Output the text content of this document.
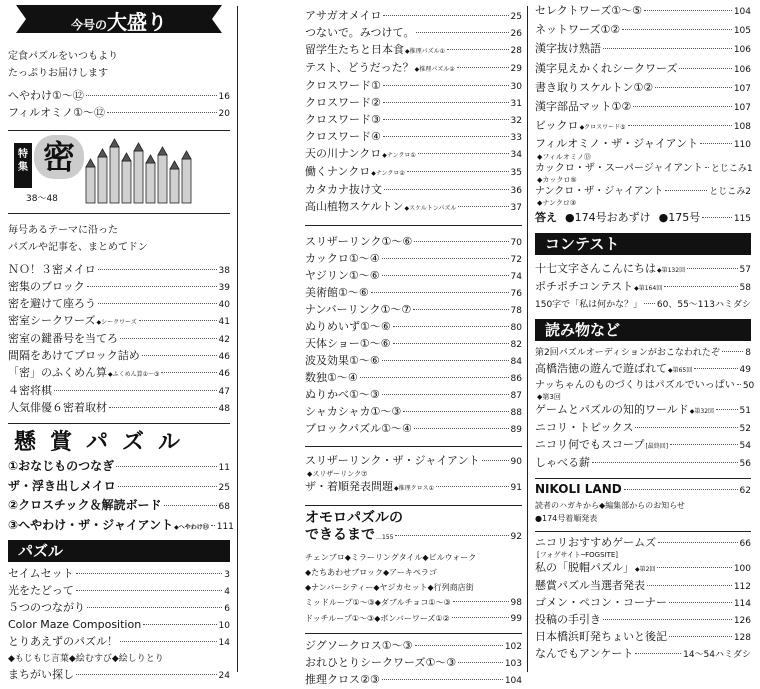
今号の大盛り
定食パズルをいつもより
たっぷりお届けします
へやわけ①〜⑫	16
フィルオミノ①〜⑫	20
特集 密
38〜48
毎号あるテーマに沿った
パズルや記事を、まとめてドン
ＮＯ！３密メイロ	38
密集のブロック	39
密を避けて座ろう	40
密室シークワーズ ◆シークワーズ	41
密室の鍵番号を当てろ	42
間隔をあけてブロック詰め	46
「密」のふくめん算 ◆ふくめん算①〜③	46
４密将棋	47
人気俳優６密着取材	48
懸賞パズル
①おなじものつなぎ	11
ザ・浮き出しメイロ	25
②クロスチック＆解読ボード	68
③へやわけ・ザ・ジャイアント ◆へやわけ⑬ 111
パズル
セイムセット	3
光をたどって	4
５つのつながり	6
Color Maze Composition	10
とりあえずのパズル！	14
◆もじもじ言葉◆絵むすび◆絵しりとり
まちがい探し	24
アサガオメイロ	25
つないで。みつけて。	26
留学生たちと日本食 ◆推理パズル①	28
テスト、どうだった？ ◆推理パズル②	29
クロスワード①	30
クロスワード②	31
クロスワード③	32
クロスワード④	33
天の川ナンクロ ◆ナンクロ①	34
働くナンクロ ◆ナンクロ②	35
カタカナ抜け文	36
高山植物スケルトン ◆スケルトンパズル	37
スリザーリンク①〜⑥	70
カックロ①〜④	72
ヤジリン①〜⑥	74
美術館①〜⑥	76
ナンバーリンク①〜⑦	78
ぬりめいず①〜⑥	80
天体ショー①〜⑥	82
波及効果①〜⑥	84
数独①〜④	86
ぬりかべ①〜③	87
シャカシャカ①〜③	88
ブロックパズル①〜④	89
スリザーリンク・ザ・ジャイアント	90
◆スリザーリンク⑦
ザ・着順発表問題 ◆推理クロス①	91
オモロパズルの
できるまで …155	92
チェンブロ◆ミラーリングタイル◆ビルウォーク
◆たちあわせブロック◆アーキペラゴ
◆ナンバーシティー◆ヤジカセット◆行列商店街
ミッドループ①〜③◆ダブルチョコ①〜③	98
ドッチループ①〜③◆ボンバーワーズ①②	99
ジグソークロス①〜③	102
おれひとりシークワーズ①〜③	103
推理クロス②③	104
セレクトワーズ①〜⑤	104
ネットワーズ①②	105
漢字抜け熟語	106
漢字見えかくれシークワーズ	106
書き取りスケルトン①②	107
漢字部品マット①②	107
ビックロ ◆クロスワード⑤	108
フィルオミノ・ザ・ジャイアント	110
◆フィルオミノ⑬
カックロ・ザ・スーパージャイアント とじこみ1
◆カックロ⑤
ナンクロ・ザ・ジャイアント	とじこみ2
◆ナンクロ③
答え ●174号おあずけ ●175号	115
コンテスト
十七文字さんこんにちは ◆第132回	57
ポチポチコンテスト ◆第164回	58
150字で「私は何かな？」 60、55〜113ハミダシ
読み物など
第2回パズルオーディションがおこなわれたぞ	8
高橋浩徳の遊んで遊ばれて ◆第65回	49
ナッちゃんのものづくりはパズルでいっぱい 50
◆第3回
ゲームとパズルの知的ワールド ◆第32回	51
ニコリ・トピックス	52
ニコリ何でもスコープ [最終回]	54
しゃべる薪	56
NIKOLI LAND	62
読者のハガキから◆編集部からのお知らせ
●174号着順発表
ニコリおすすめゲームズ	66
[フォグサイト─FOGSITE]
私の「脱帽パズル」 ◆第2回	100
懸賞パズル当選者発表	112
ゴメン・ペコン・コーナー	114
投稿の手引き	126
日本橋浜町発ちょいと後記	128
なんでもアンケート	14〜54ハミダシ
